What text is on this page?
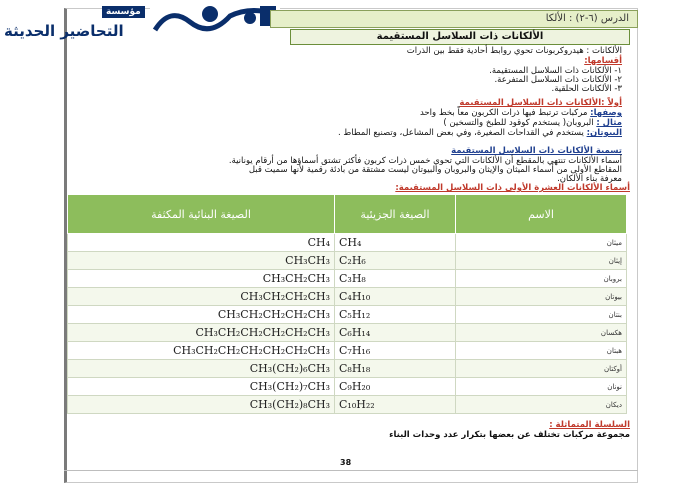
مؤسسة
التحاضير الحديثة
الدرس (٦-٢) : الألكا
الألكانات ذات السلاسل المستقيمة
الألكانات : هيدروكربونات تحوي روابط أحادية فقط بين الذرات
أقسامها:
١- الألكانات ذات السلاسل المستقيمة.
٢- الألكانات ذات السلاسل المتفرعة.
٣- الألكانات الحلقية.
أولاً :الألكانات ذات السلاسل المستقيمة
وصفها: مركبات ترتبط فيها ذرات الكربون معاً بخط واحد
مثال : البروبان( يستخدم كوقود للطبخ والتسخين )
البيوتان: يستخدم في القداحات الصغيرة، وفي بعض المشاعل، وتصنيع المطاط .
تسمية الألكانات ذات السلاسل المستقيمة
أسماء الألكانات تنتهي بالمقطع أن الألكانات التي تحوي خمس ذرات كربون فأكثر تشتق أسماؤها من أرقام يونانية.
المقاطع الأولى من أسماء الميثان والإيثان والبروبان والبيوتان ليست مشتقة من بادئة رقمية لأنها سميت قبل
معرفة بناء الألكان.
أسماء الألكانات العشرة الأولى ذات السلاسل المستقيمة:
الاسم	الصيغة الجزيئية	الصيغة البنائية المكثفة
ميثان	CH₄	CH₄
إيثان	C₂H₆	CH₃CH₃
بروبان	C₃H₈	CH₃CH₂CH₃
بيوتان	C₄H₁₀	CH₃CH₂CH₂CH₃
بنتان	C₅H₁₂	CH₃CH₂CH₂CH₂CH₃
هكسان	C₆H₁₄	CH₃CH₂CH₂CH₂CH₂CH₃
هبتان	C₇H₁₆	CH₃CH₂CH₂CH₂CH₂CH₂CH₃
أوكتان	C₈H₁₈	CH₃(CH₂)₆CH₃
نونان	C₉H₂₀	CH₃(CH₂)₇CH₃
ديكان	C₁₀H₂₂	CH₃(CH₂)₈CH₃
السلسلة المتماثلة :
مجموعة مركبات تختلف عن بعضها بتكرار عدد وحدات البناء
38
